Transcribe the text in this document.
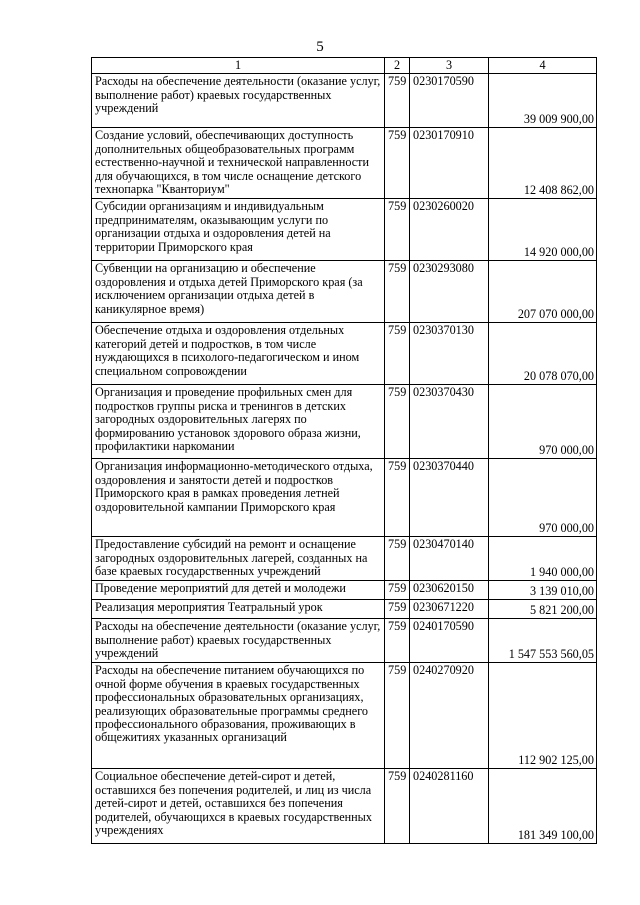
5
1	2	3	4
Расходы на обеспечение деятельности (оказание услуг, выполнение работ) краевых государственных учреждений	759	0230170590	39 009 900,00
Создание условий, обеспечивающих доступность дополнительных общеобразовательных программ естественно-научной и технической направленности для обучающихся, в том числе оснащение детского технопарка "Кванториум"	759	0230170910	12 408 862,00
Субсидии организациям и индивидуальным предпринимателям, оказывающим услуги по организации отдыха и оздоровления детей на территории Приморского края	759	0230260020	14 920 000,00
Субвенции на организацию и обеспечение оздоровления и отдыха детей Приморского края (за исключением организации отдыха детей в каникулярное время)	759	0230293080	207 070 000,00
Обеспечение отдыха и оздоровления отдельных категорий детей и подростков, в том числе нуждающихся в психолого-педагогическом и ином специальном сопровождении	759	0230370130	20 078 070,00
Организация и проведение профильных смен для подростков группы риска и тренингов в детских загородных оздоровительных лагерях по формированию установок здорового образа жизни, профилактики наркомании	759	0230370430	970 000,00
Организация информационно-методического отдыха, оздоровления и занятости детей и подростков Приморского края в рамках проведения летней оздоровительной кампании Приморского края	759	0230370440	970 000,00
Предоставление субсидий на ремонт и оснащение загородных оздоровительных лагерей, созданных на базе краевых государственных учреждений	759	0230470140	1 940 000,00
Проведение мероприятий для детей и молодежи	759	0230620150	3 139 010,00
Реализация мероприятия Театральный урок	759	0230671220	5 821 200,00
Расходы на обеспечение деятельности (оказание услуг, выполнение работ) краевых государственных учреждений	759	0240170590	1 547 553 560,05
Расходы на обеспечение питанием обучающихся по очной форме обучения в краевых государственных профессиональных образовательных организациях, реализующих образовательные программы среднего профессионального образования, проживающих в общежитиях указанных организаций	759	0240270920	112 902 125,00
Социальное обеспечение детей-сирот и детей, оставшихся без попечения родителей, и лиц из числа детей-сирот и детей, оставшихся без попечения родителей, обучающихся в краевых государственных учреждениях	759	0240281160	181 349 100,00
